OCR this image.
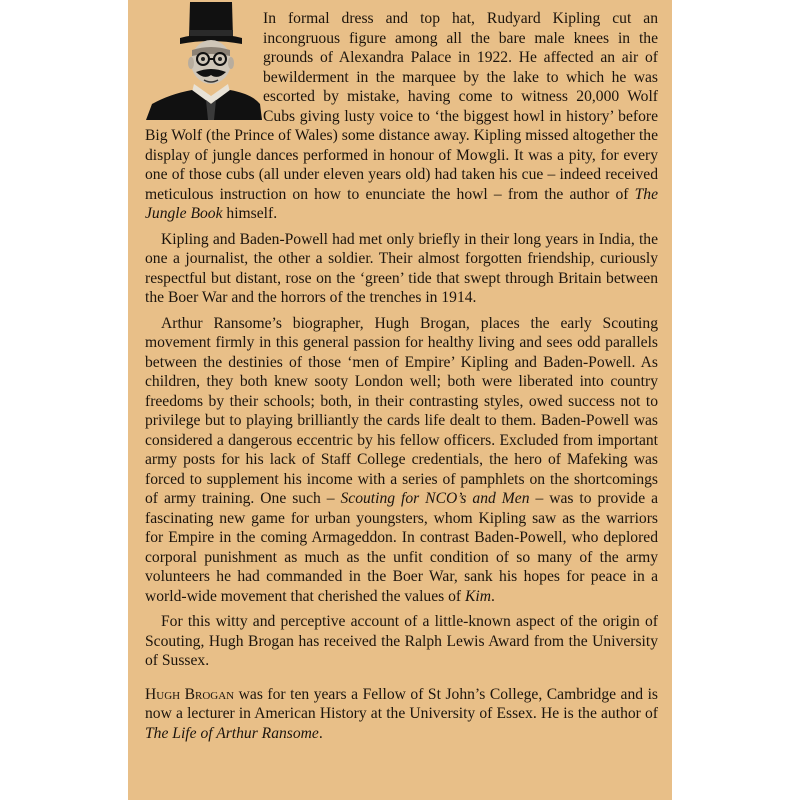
In formal dress and top hat, Rudyard Kipling cut an incongruous figure among all the bare male knees in the grounds of Alexandra Palace in 1922. He affected an air of bewilderment in the marquee by the lake to which he was escorted by mistake, having come to witness 20,000 Wolf Cubs giving lusty voice to ‘the biggest howl in history’ before Big Wolf (the Prince of Wales) some distance away. Kipling missed altogether the display of jungle dances performed in honour of Mowgli. It was a pity, for every one of those cubs (all under eleven years old) had taken his cue – indeed received meticulous instruction on how to enunciate the howl – from the author of The Jungle Book himself.

Kipling and Baden-Powell had met only briefly in their long years in India, the one a journalist, the other a soldier. Their almost forgotten friendship, curiously respectful but distant, rose on the ‘green’ tide that swept through Britain between the Boer War and the horrors of the trenches in 1914.

Arthur Ransome’s biographer, Hugh Brogan, places the early Scouting movement firmly in this general passion for healthy living and sees odd parallels between the destinies of those ‘men of Empire’ Kipling and Baden-Powell. As children, they both knew sooty London well; both were liberated into country freedoms by their schools; both, in their contrasting styles, owed success not to privilege but to playing brilliantly the cards life dealt to them. Baden-Powell was considered a dangerous eccentric by his fellow officers. Excluded from important army posts for his lack of Staff College credentials, the hero of Mafeking was forced to supplement his income with a series of pamphlets on the shortcomings of army training. One such – Scouting for NCO’s and Men – was to provide a fascinating new game for urban youngsters, whom Kipling saw as the warriors for Empire in the coming Armageddon. In contrast Baden-Powell, who deplored corporal punishment as much as the unfit condition of so many of the army volunteers he had commanded in the Boer War, sank his hopes for peace in a world-wide movement that cherished the values of Kim.

For this witty and perceptive account of a little-known aspect of the origin of Scouting, Hugh Brogan has received the Ralph Lewis Award from the University of Sussex.

Hugh Brogan was for ten years a Fellow of St John’s College, Cambridge and is now a lecturer in American History at the University of Essex. He is the author of The Life of Arthur Ransome.
